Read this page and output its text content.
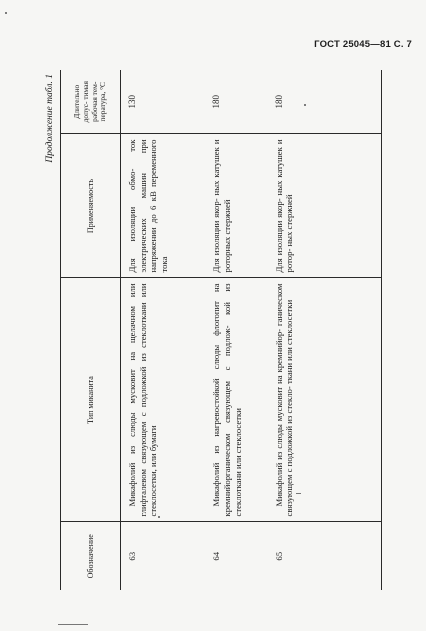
ГОСТ 25045—81 С. 7
Продолжение табл. 1
Обозначение	Тип миканита	Применяемость	Длительно допус- тимая рабочая тем- пература, °С
63	Микафолий из слюды мусковит на щелачном или глифталевом связующем с подложкой из стеклоткани или стеклосетки, или бумаги	Для изоляции обмо- ток электрических машин при напряжении до 6 кВ переменного тока	130
64	Микафолий из нагревостойкой слюды флогопит на кремнийорганическом связующем с подлож- кой из стеклоткани или стеклосетки	Для изоляции якор- ных катушек и роторных стержней	180
65	Микафолий из слюды мусковит на кремнийор- ганическом связующем с подложкой из стекло- ткани или стеклосетки	Для изоляции якор- ных катушек и ротор- ных стержней	180
